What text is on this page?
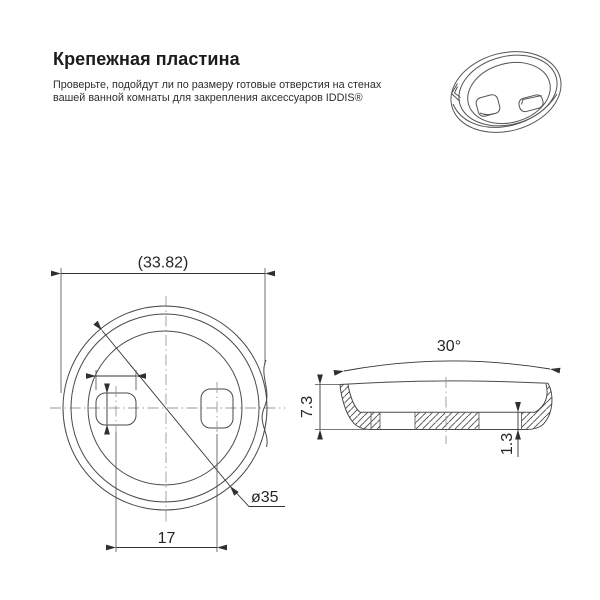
Крепежная пластина
Проверьте, подойдут ли по размеру готовые отверстия на стенах
вашей ванной комнаты для закрепления аксессуаров IDDIS®
(33.82)
ø35
17
30°
7.3
1.3
